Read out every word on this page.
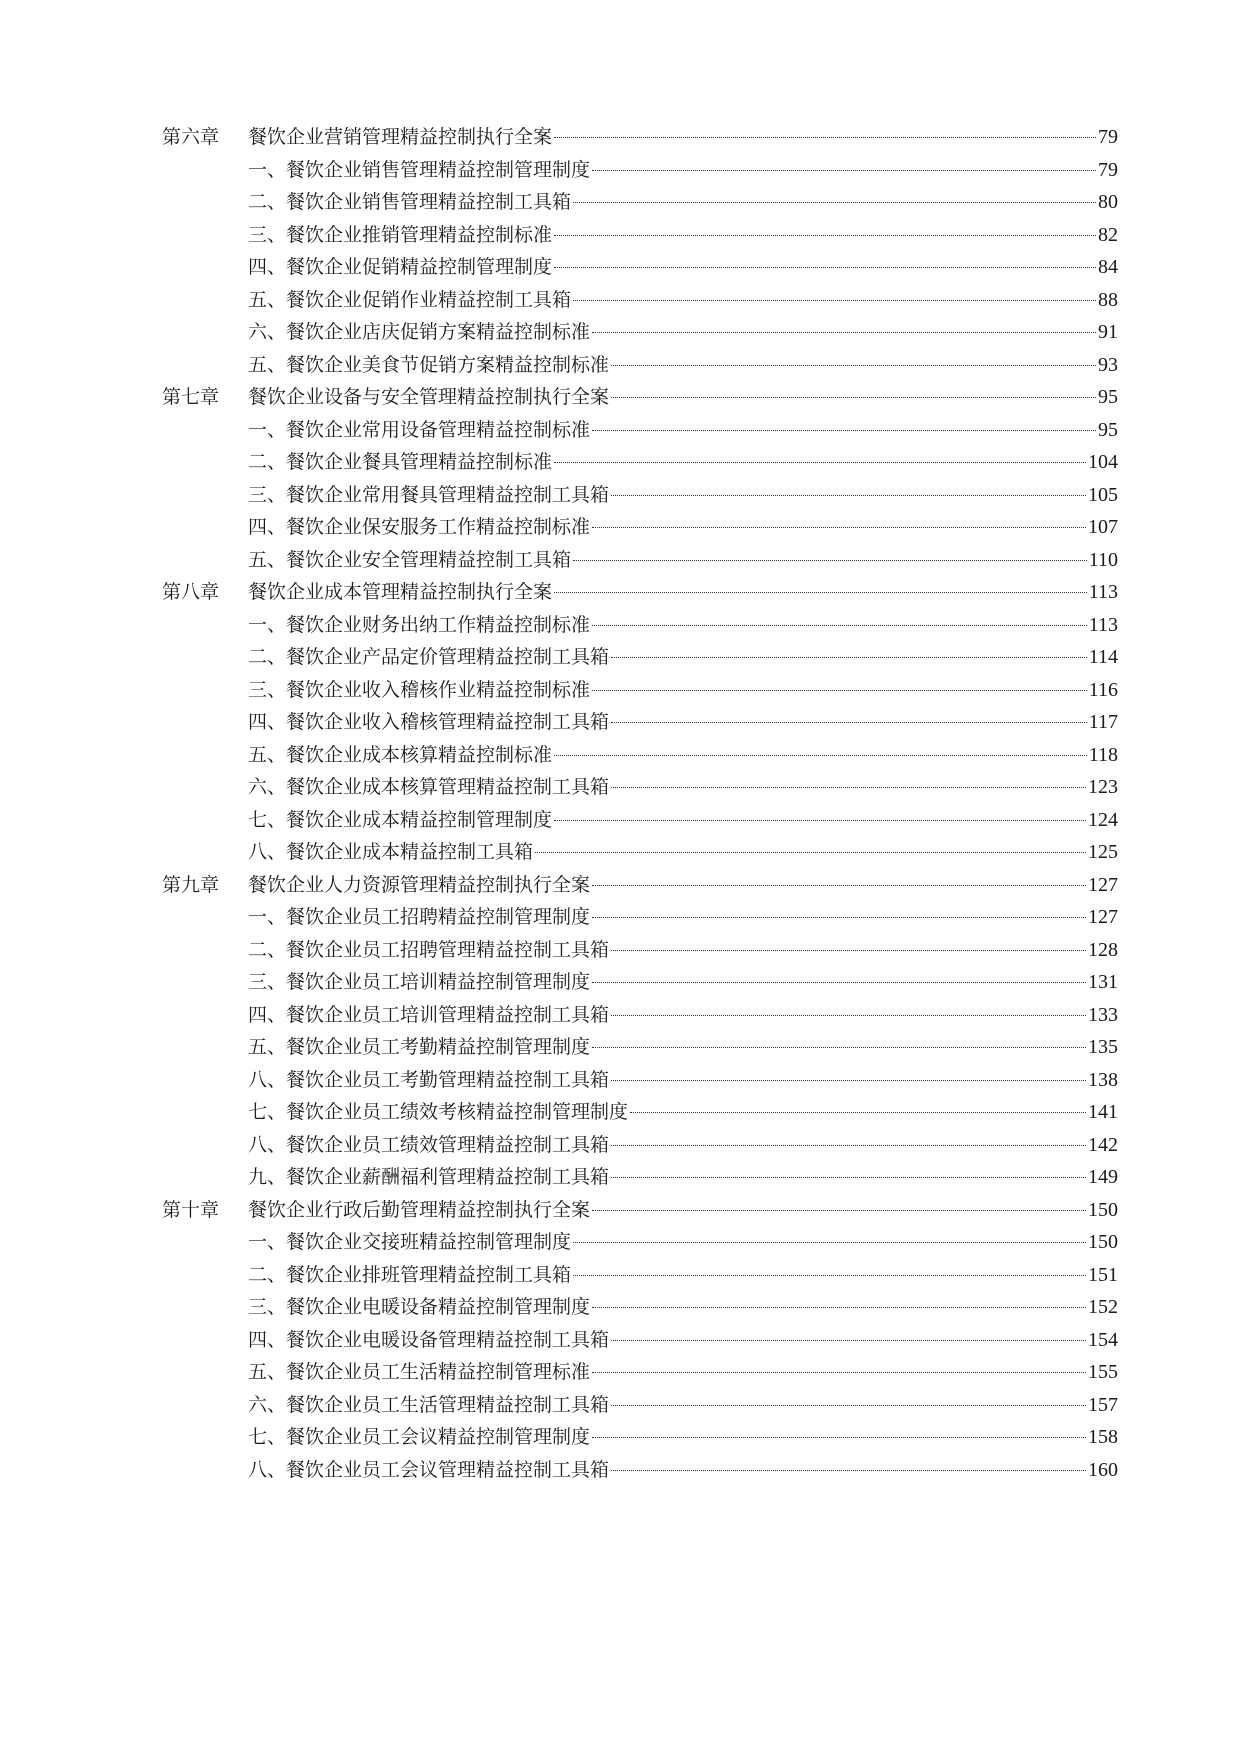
第六章	餐饮企业营销管理精益控制执行全案	79
一、餐饮企业销售管理精益控制管理制度	79
二、餐饮企业销售管理精益控制工具箱	80
三、餐饮企业推销管理精益控制标准	82
四、餐饮企业促销精益控制管理制度	84
五、餐饮企业促销作业精益控制工具箱	88
六、餐饮企业店庆促销方案精益控制标准	91
五、餐饮企业美食节促销方案精益控制标准	93
第七章	餐饮企业设备与安全管理精益控制执行全案	95
一、餐饮企业常用设备管理精益控制标准	95
二、餐饮企业餐具管理精益控制标准	104
三、餐饮企业常用餐具管理精益控制工具箱	105
四、餐饮企业保安服务工作精益控制标准	107
五、餐饮企业安全管理精益控制工具箱	110
第八章	餐饮企业成本管理精益控制执行全案	113
一、餐饮企业财务出纳工作精益控制标准	113
二、餐饮企业产品定价管理精益控制工具箱	114
三、餐饮企业收入稽核作业精益控制标准	116
四、餐饮企业收入稽核管理精益控制工具箱	117
五、餐饮企业成本核算精益控制标准	118
六、餐饮企业成本核算管理精益控制工具箱	123
七、餐饮企业成本精益控制管理制度	124
八、餐饮企业成本精益控制工具箱	125
第九章	餐饮企业人力资源管理精益控制执行全案	127
一、餐饮企业员工招聘精益控制管理制度	127
二、餐饮企业员工招聘管理精益控制工具箱	128
三、餐饮企业员工培训精益控制管理制度	131
四、餐饮企业员工培训管理精益控制工具箱	133
五、餐饮企业员工考勤精益控制管理制度	135
八、餐饮企业员工考勤管理精益控制工具箱	138
七、餐饮企业员工绩效考核精益控制管理制度	141
八、餐饮企业员工绩效管理精益控制工具箱	142
九、餐饮企业薪酬福利管理精益控制工具箱	149
第十章	餐饮企业行政后勤管理精益控制执行全案	150
一、餐饮企业交接班精益控制管理制度	150
二、餐饮企业排班管理精益控制工具箱	151
三、餐饮企业电暖设备精益控制管理制度	152
四、餐饮企业电暖设备管理精益控制工具箱	154
五、餐饮企业员工生活精益控制管理标准	155
六、餐饮企业员工生活管理精益控制工具箱	157
七、餐饮企业员工会议精益控制管理制度	158
八、餐饮企业员工会议管理精益控制工具箱	160
